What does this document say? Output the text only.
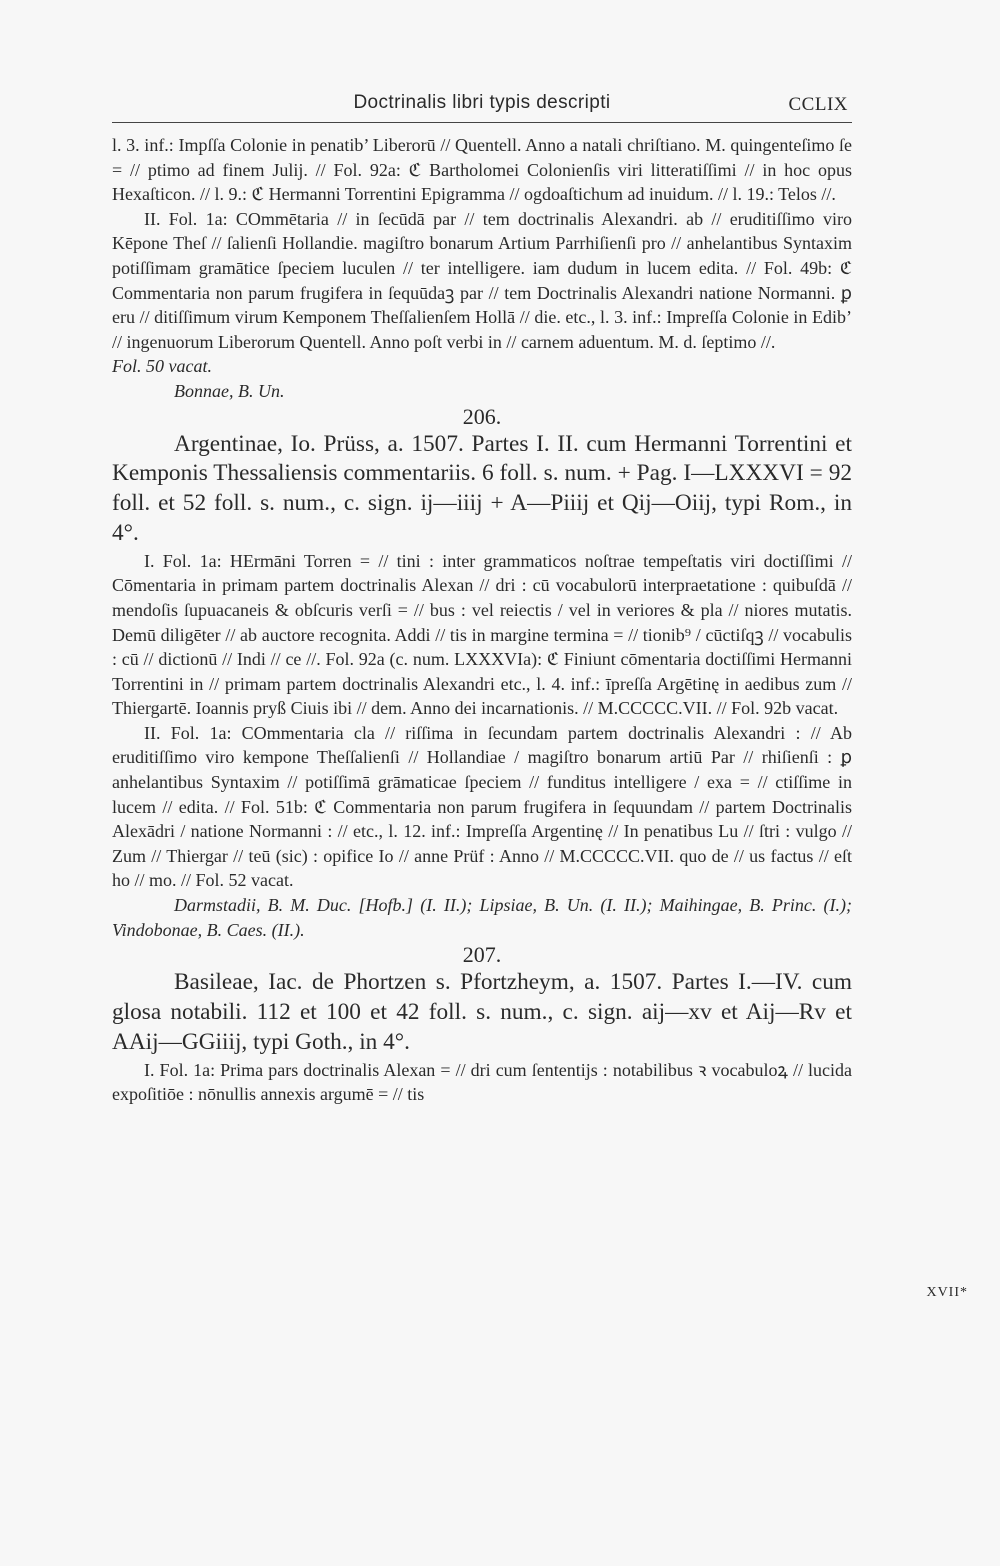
Doctrinalis libri typis descripti	CCLIX

l. 3. inf.: Impſſa Colonie in penatib’ Liberorū // Quentell. Anno a natali chriſtiano. M. quingenteſimo ſe = // ptimo ad finem Julij. // Fol. 92a: ℭ Bartholomei Colonienſis viri litteratiſſimi // in hoc opus Hexaſticon. // l. 9.: ℭ Hermanni Torrentini Epigramma // ogdoaſtichum ad inuidum. // l. 19.: Telos //.

II. Fol. 1a: COmmētaria // in ſecūdā par // tem doctrinalis Alexandri. ab // eruditiſſimo viro Kēpone Theſ // ſalienſi Hollandie. magiſtro bonarum Artium Parrhiſienſi pro // anhelantibus Syntaxim potiſſimam gramātice ſpeciem luculen // ter intelligere. iam dudum in lucem edita. // Fol. 49b: ℭ Commentaria non parum frugifera in ſequūdaꝫ par // tem Doctrinalis Alexandri natione Normanni. ꝑ eru // ditiſſimum virum Kemponem Theſſalienſem Hollā // die. etc., l. 3. inf.: Impreſſa Colonie in Edib’ // ingenuorum Liberorum Quentell. Anno poſt verbi in // carnem aduentum. M. d. ſeptimo //.

Fol. 50 vacat.

Bonnae, B. Un.

206.

Argentinae, Io. Prüss, a. 1507. Partes I. II. cum Hermanni Torrentini et Kemponis Thessaliensis commentariis. 6 foll. s. num. + Pag. I—LXXXVI = 92 foll. et 52 foll. s. num., c. sign. ij—iiij + A—Piiij et Qij—Oiij, typi Rom., in 4°.

I. Fol. 1a: HErmāni Torren = // tini : inter grammaticos noſtrae tempeſtatis viri doctiſſimi // Cōmentaria in primam partem doctrinalis Alexan // dri : cū vocabulorū interpraetatione : quibuſdā // mendoſis ſupuacaneis & obſcuris verſi = // bus : vel reiectis / vel in veriores & pla // niores mutatis. Demū diligēter // ab auctore recognita. Addi // tis in margine termina = // tionib⁹ / cūctiſqꝫ // vocabulis : cū // dictionū // Indi // ce //. Fol. 92a (c. num. LXXXVIa): ℭ Finiunt cōmentaria doctiſſimi Hermanni Torrentini in // primam partem doctrinalis Alexandri etc., l. 4. inf.: īpreſſa Argētinę in aedibus zum // Thiergartē. Ioannis pryß Ciuis ibi // dem. Anno dei incarnationis. // M.CCCCC.VII. // Fol. 92b vacat.

II. Fol. 1a: COmmentaria cla // riſſima in ſecundam partem doctrinalis Alexandri : // Ab eruditiſſimo viro kempone Theſſalienſi // Hollandiae / magiſtro bonarum artiū Par // rhiſienſi : ꝑ anhelantibus Syntaxim // potiſſimā grāmaticae ſpeciem // funditus intelligere / exa = // ctiſſime in lucem // edita. // Fol. 51b: ℭ Commentaria non parum frugifera in ſequundam // partem Doctrinalis Alexādri / natione Normanni : // etc., l. 12. inf.: Impreſſa Argentinę // In penatibus Lu // ſtri : vulgo // Zum // Thiergar // teū (sic) : opifice Io // anne Prüf : Anno // M.CCCCC.VII. quo de // us factus // eſt ho // mo. // Fol. 52 vacat.

Darmstadii, B. M. Duc. [Hofb.] (I. II.); Lipsiae, B. Un. (I. II.); Maihingae, B. Princ. (I.); Vindobonae, B. Caes. (II.).

207.

Basileae, Iac. de Phortzen s. Pfortzheym, a. 1507. Partes I.—IV. cum glosa notabili. 112 et 100 et 42 foll. s. num., c. sign. aij—xv et Aij—Rv et AAij—GGiiij, typi Goth., in 4°.

I. Fol. 1a: Prima pars doctrinalis Alexan = // dri cum ſententijs : notabilibus ꝛ vocabuloꝝ // lucida expoſitiōe : nōnullis annexis argumē = // tis

XVII*
